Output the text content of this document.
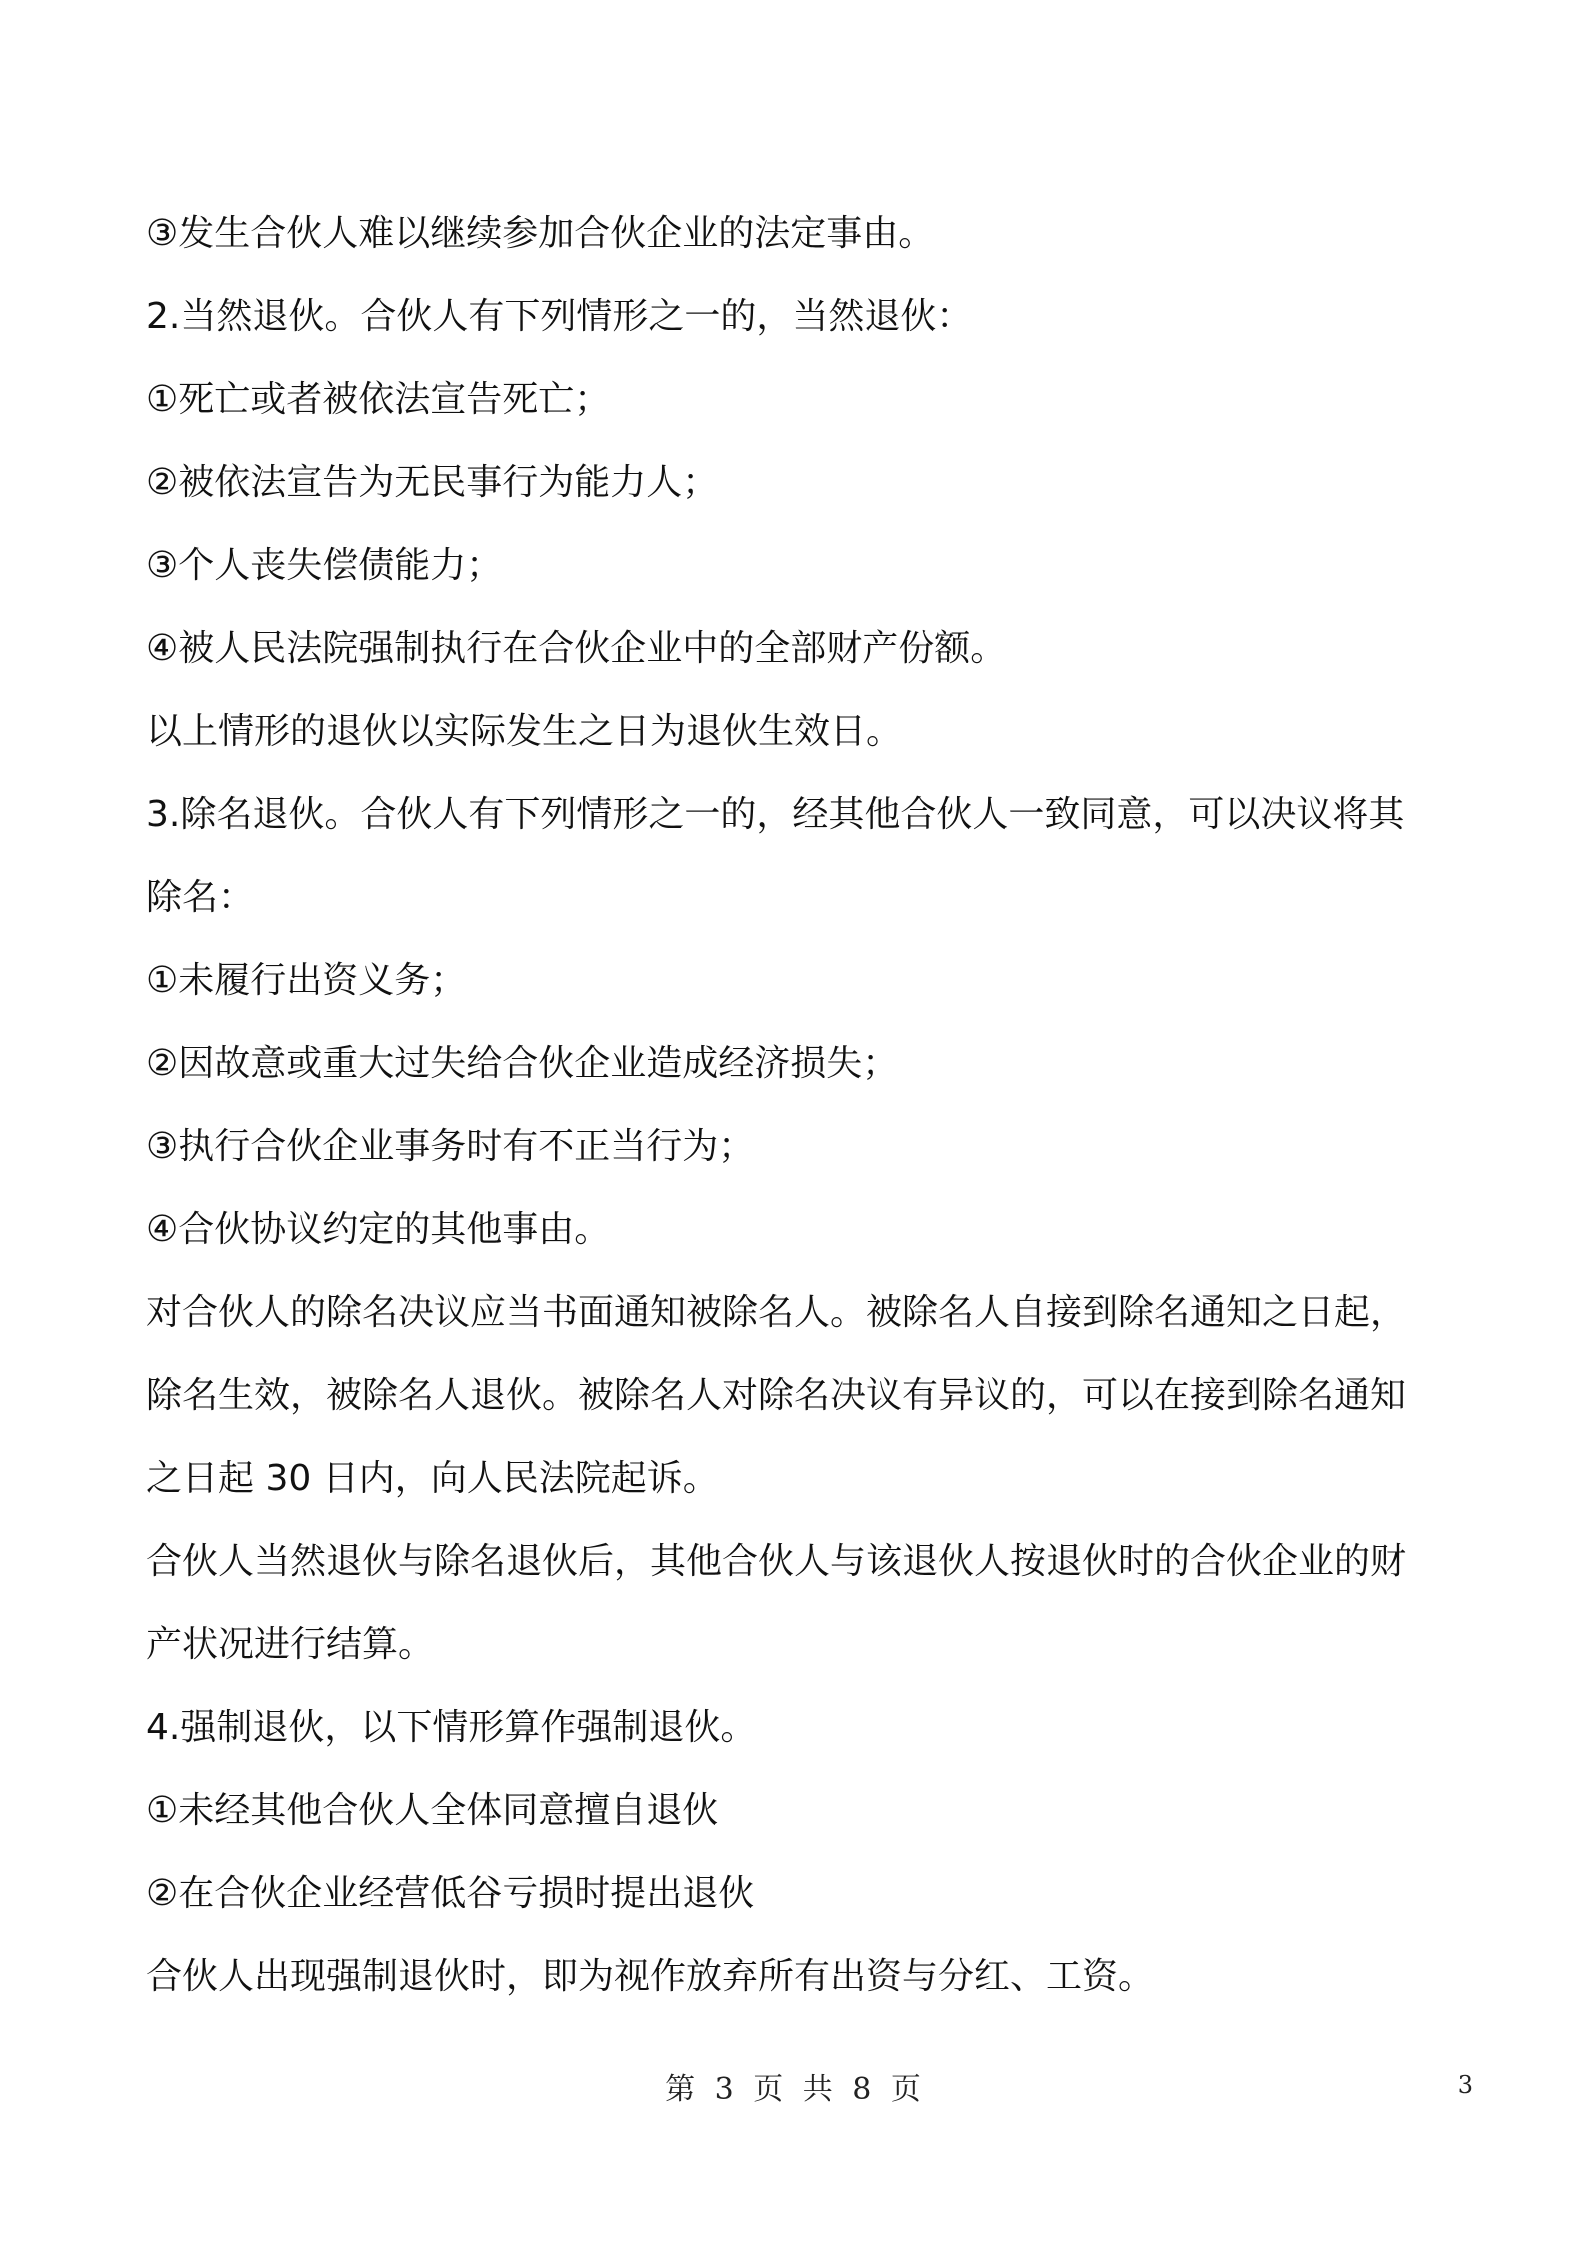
③发生合伙人难以继续参加合伙企业的法定事由。
2.当然退伙。合伙人有下列情形之一的，当然退伙：
①死亡或者被依法宣告死亡；
②被依法宣告为无民事行为能力人；
③个人丧失偿债能力；
④被人民法院强制执行在合伙企业中的全部财产份额。
以上情形的退伙以实际发生之日为退伙生效日。
3.除名退伙。合伙人有下列情形之一的，经其他合伙人一致同意，可以决议将其
除名：
①未履行出资义务；
②因故意或重大过失给合伙企业造成经济损失；
③执行合伙企业事务时有不正当行为；
④合伙协议约定的其他事由。
对合伙人的除名决议应当书面通知被除名人。被除名人自接到除名通知之日起，
除名生效，被除名人退伙。被除名人对除名决议有异议的，可以在接到除名通知
之日起 30 日内，向人民法院起诉。
合伙人当然退伙与除名退伙后，其他合伙人与该退伙人按退伙时的合伙企业的财
产状况进行结算。
4.强制退伙，以下情形算作强制退伙。
①未经其他合伙人全体同意擅自退伙
②在合伙企业经营低谷亏损时提出退伙
合伙人出现强制退伙时，即为视作放弃所有出资与分红、工资。
第 3 页 共 8 页	3
